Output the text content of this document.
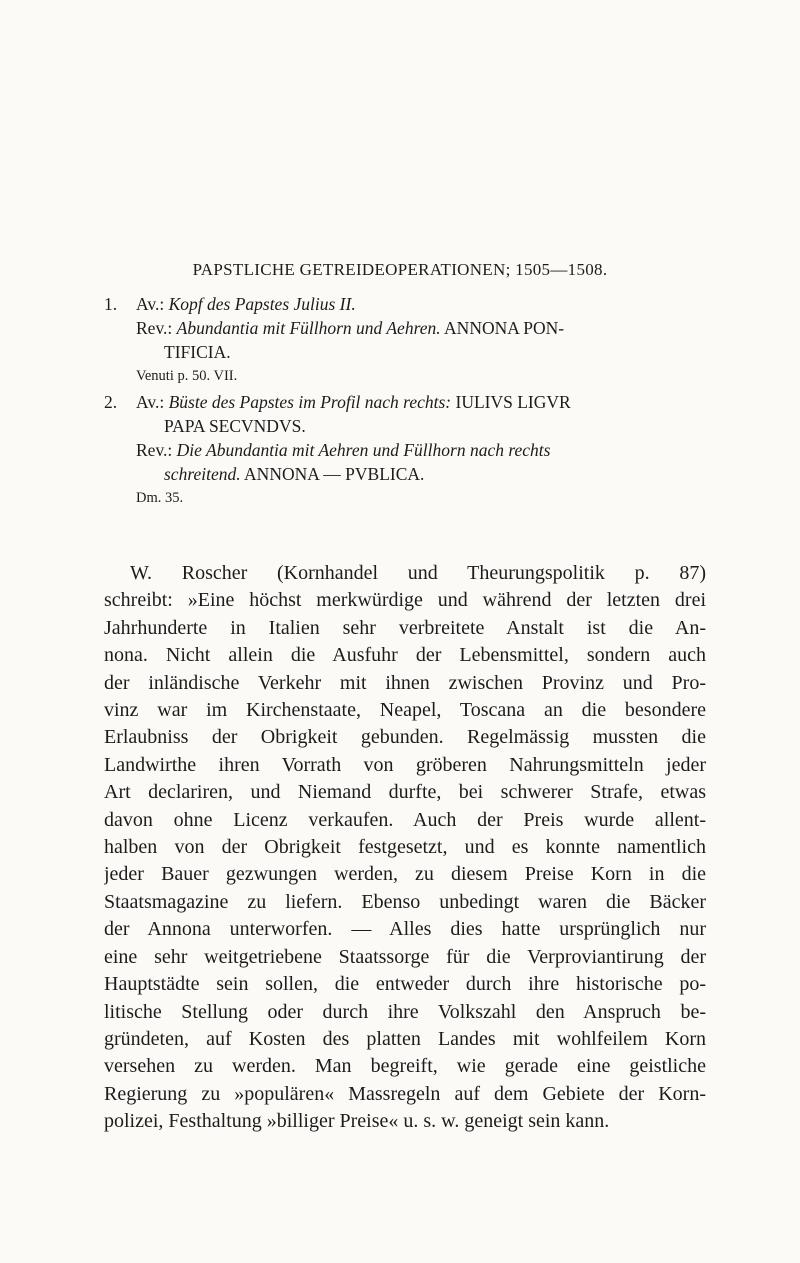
PAPSTLICHE GETREIDEOPERATIONEN; 1505—1508.
1. Av.: Kopf des Papstes Julius II.
Rev.: Abundantia mit Füllhorn und Aehren. ANNONA PON-
TIFICIA.
Venuti p. 50. VII.
2. Av.: Büste des Papstes im Profil nach rechts: IULIVS LIGVR
PAPA SECVNDVS.
Rev.: Die Abundantia mit Aehren und Füllhorn nach rechts
schreitend. ANNONA — PVBLICA.
Dm. 35.
W. Roscher (Kornhandel und Theurungspolitik p. 87)
schreibt: »Eine höchst merkwürdige und während der letzten drei
Jahrhunderte in Italien sehr verbreitete Anstalt ist die An-
nona. Nicht allein die Ausfuhr der Lebensmittel, sondern auch
der inländische Verkehr mit ihnen zwischen Provinz und Pro-
vinz war im Kirchenstaate, Neapel, Toscana an die besondere
Erlaubniss der Obrigkeit gebunden. Regelmässig mussten die
Landwirthe ihren Vorrath von gröberen Nahrungsmitteln jeder
Art declariren, und Niemand durfte, bei schwerer Strafe, etwas
davon ohne Licenz verkaufen. Auch der Preis wurde allent-
halben von der Obrigkeit festgesetzt, und es konnte namentlich
jeder Bauer gezwungen werden, zu diesem Preise Korn in die
Staatsmagazine zu liefern. Ebenso unbedingt waren die Bäcker
der Annona unterworfen. — Alles dies hatte ursprünglich nur
eine sehr weitgetriebene Staatssorge für die Verproviantirung der
Hauptstädte sein sollen, die entweder durch ihre historische po-
litische Stellung oder durch ihre Volkszahl den Anspruch be-
gründeten, auf Kosten des platten Landes mit wohlfeilem Korn
versehen zu werden. Man begreift, wie gerade eine geistliche
Regierung zu »populären« Massregeln auf dem Gebiete der Korn-
polizei, Festhaltung »billiger Preise« u. s. w. geneigt sein kann.
